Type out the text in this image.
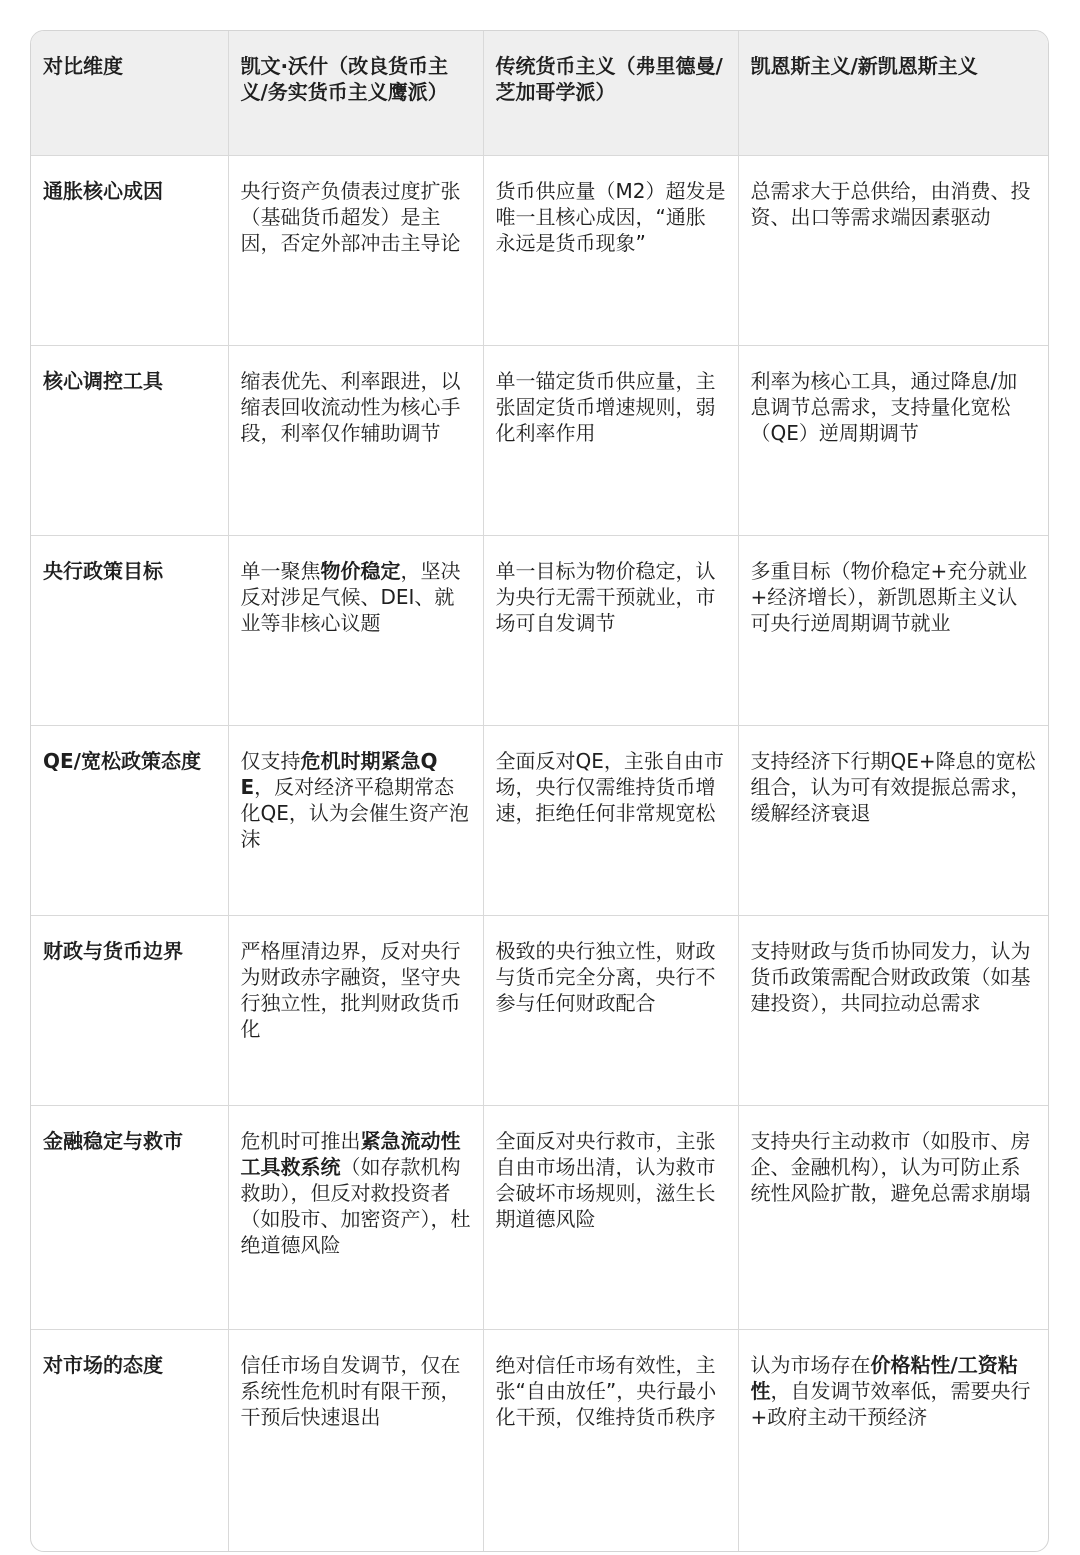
对比维度	凯文·沃什（改良货币主义/务实货币主义鹰派）	传统货币主义（弗里德曼/芝加哥学派）	凯恩斯主义/新凯恩斯主义
通胀核心成因	央行资产负债表过度扩张（基础货币超发）是主因，否定外部冲击主导论	货币供应量（M2）超发是唯一且核心成因，“通胀永远是货币现象”	总需求大于总供给，由消费、投资、出口等需求端因素驱动
核心调控工具	缩表优先、利率跟进，以缩表回收流动性为核心手段，利率仅作辅助调节	单一锚定货币供应量，主张固定货币增速规则，弱化利率作用	利率为核心工具，通过降息/加息调节总需求，支持量化宽松（QE）逆周期调节
央行政策目标	单一聚焦物价稳定，坚决反对涉足气候、DEI、就业等非核心议题	单一目标为物价稳定，认为央行无需干预就业，市场可自发调节	多重目标（物价稳定+充分就业+经济增长），新凯恩斯主义认可央行逆周期调节就业
QE/宽松政策态度	仅支持危机时期紧急QE，反对经济平稳期常态化QE，认为会催生资产泡沫	全面反对QE，主张自由市场，央行仅需维持货币增速，拒绝任何非常规宽松	支持经济下行期QE+降息的宽松组合，认为可有效提振总需求，缓解经济衰退
财政与货币边界	严格厘清边界，反对央行为财政赤字融资，坚守央行独立性，批判财政货币化	极致的央行独立性，财政与货币完全分离，央行不参与任何财政配合	支持财政与货币协同发力，认为货币政策需配合财政政策（如基建投资），共同拉动总需求
金融稳定与救市	危机时可推出紧急流动性工具救系统（如存款机构救助），但反对救投资者（如股市、加密资产），杜绝道德风险	全面反对央行救市，主张自由市场出清，认为救市会破坏市场规则，滋生长期道德风险	支持央行主动救市（如股市、房企、金融机构），认为可防止系统性风险扩散，避免总需求崩塌
对市场的态度	信任市场自发调节，仅在系统性危机时有限干预，干预后快速退出	绝对信任市场有效性，主张“自由放任”，央行最小化干预，仅维持货币秩序	认为市场存在价格粘性/工资粘性，自发调节效率低，需要央行+政府主动干预经济
